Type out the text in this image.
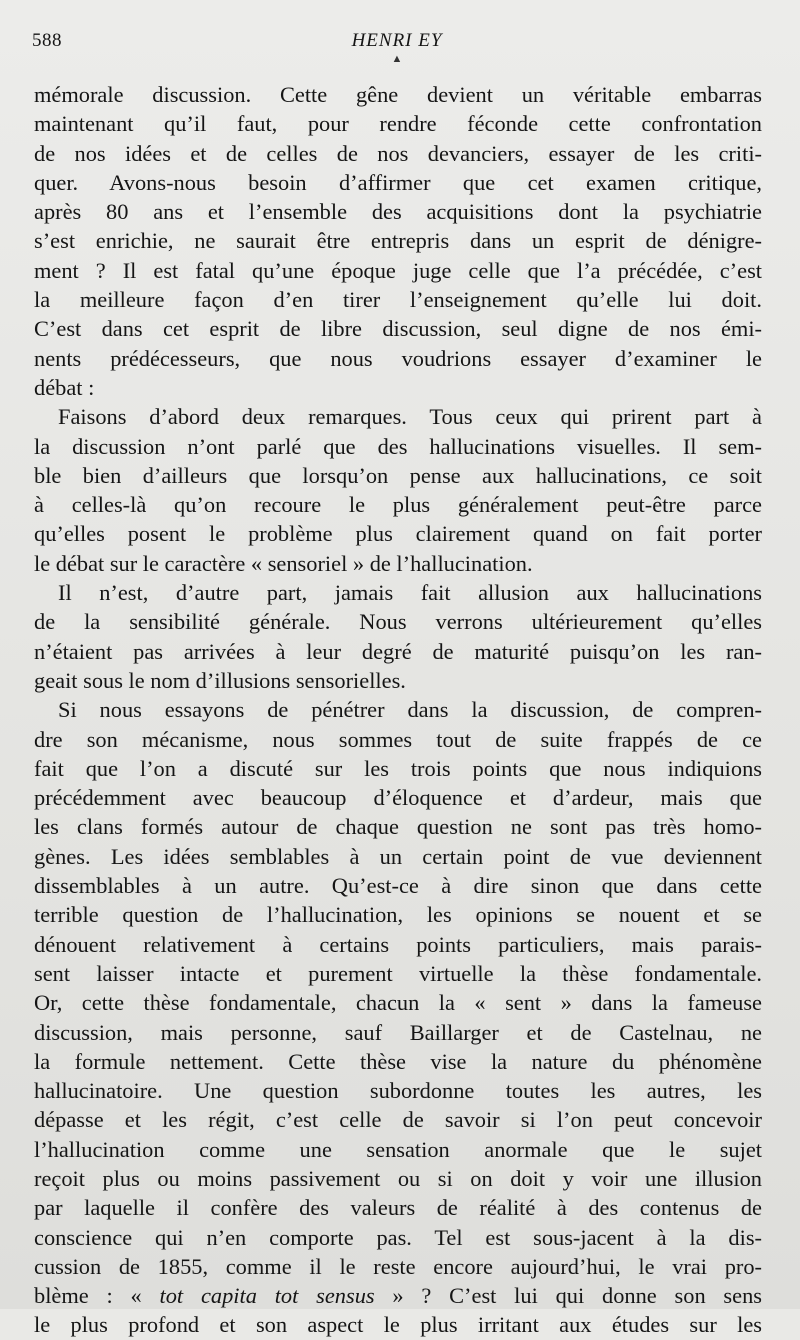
588	HENRI EY
▲
mémorale discussion. Cette gêne devient un véritable embarras
maintenant qu’il faut, pour rendre féconde cette confrontation
de nos idées et de celles de nos devanciers, essayer de les criti-
quer. Avons-nous besoin d’affirmer que cet examen critique,
après 80 ans et l’ensemble des acquisitions dont la psychiatrie
s’est enrichie, ne saurait être entrepris dans un esprit de dénigre-
ment ? Il est fatal qu’une époque juge celle que l’a précédée, c’est
la meilleure façon d’en tirer l’enseignement qu’elle lui doit.
C’est dans cet esprit de libre discussion, seul digne de nos émi-
nents prédécesseurs, que nous voudrions essayer d’examiner le
débat :
Faisons d’abord deux remarques. Tous ceux qui prirent part à
la discussion n’ont parlé que des hallucinations visuelles. Il sem-
ble bien d’ailleurs que lorsqu’on pense aux hallucinations, ce soit
à celles-là qu’on recoure le plus généralement peut-être parce
qu’elles posent le problème plus clairement quand on fait porter
le débat sur le caractère « sensoriel » de l’hallucination.
Il n’est, d’autre part, jamais fait allusion aux hallucinations
de la sensibilité générale. Nous verrons ultérieurement qu’elles
n’étaient pas arrivées à leur degré de maturité puisqu’on les ran-
geait sous le nom d’illusions sensorielles.
Si nous essayons de pénétrer dans la discussion, de compren-
dre son mécanisme, nous sommes tout de suite frappés de ce
fait que l’on a discuté sur les trois points que nous indiquions
précédemment avec beaucoup d’éloquence et d’ardeur, mais que
les clans formés autour de chaque question ne sont pas très homo-
gènes. Les idées semblables à un certain point de vue deviennent
dissemblables à un autre. Qu’est-ce à dire sinon que dans cette
terrible question de l’hallucination, les opinions se nouent et se
dénouent relativement à certains points particuliers, mais parais-
sent laisser intacte et purement virtuelle la thèse fondamentale.
Or, cette thèse fondamentale, chacun la « sent » dans la fameuse
discussion, mais personne, sauf Baillarger et de Castelnau, ne
la formule nettement. Cette thèse vise la nature du phénomène
hallucinatoire. Une question subordonne toutes les autres, les
dépasse et les régit, c’est celle de savoir si l’on peut concevoir
l’hallucination comme une sensation anormale que le sujet
reçoit plus ou moins passivement ou si on doit y voir une illusion
par laquelle il confère des valeurs de réalité à des contenus de
conscience qui n’en comporte pas. Tel est sous-jacent à la dis-
cussion de 1855, comme il le reste encore aujourd’hui, le vrai pro-
blème : « tot capita tot sensus » ? C’est lui qui donne son sens
le plus profond et son aspect le plus irritant aux études sur les
